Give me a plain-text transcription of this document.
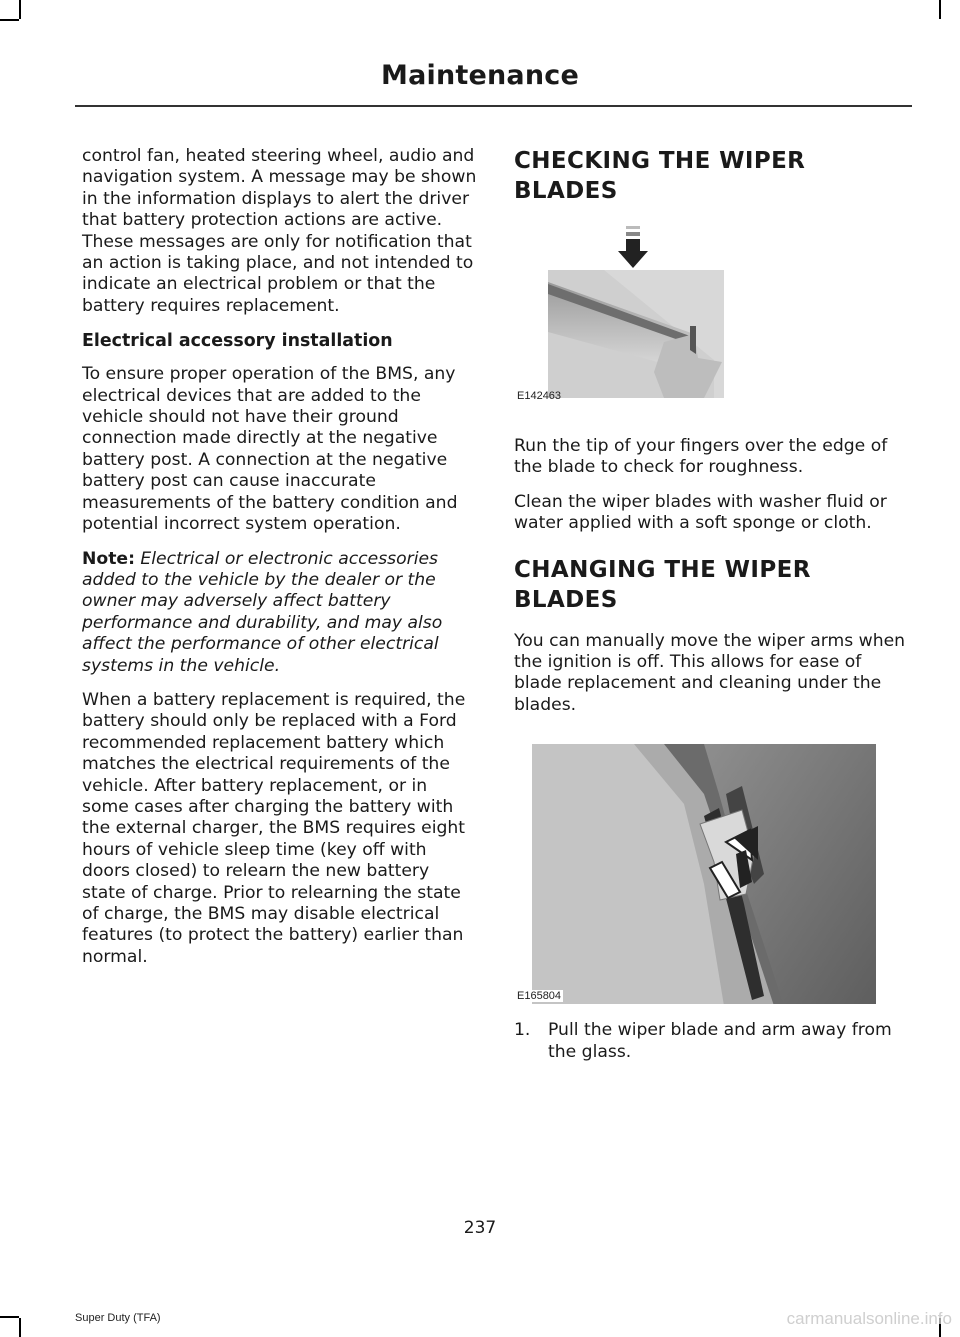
Maintenance

control fan, heated steering wheel, audio and navigation system. A message may be shown in the information displays to alert the driver that battery protection actions are active. These messages are only for notification that an action is taking place, and not intended to indicate an electrical problem or that the battery requires replacement.

Electrical accessory installation

To ensure proper operation of the BMS, any electrical devices that are added to the vehicle should not have their ground connection made directly at the negative battery post. A connection at the negative battery post can cause inaccurate measurements of the battery condition and potential incorrect system operation.

Note: Electrical or electronic accessories added to the vehicle by the dealer or the owner may adversely affect battery performance and durability, and may also affect the performance of other electrical systems in the vehicle.

When a battery replacement is required, the battery should only be replaced with a Ford recommended replacement battery which matches the electrical requirements of the vehicle. After battery replacement, or in some cases after charging the battery with the external charger, the BMS requires eight hours of vehicle sleep time (key off with doors closed) to relearn the new battery state of charge. Prior to relearning the state of charge, the BMS may disable electrical features (to protect the battery) earlier than normal.

CHECKING THE WIPER
BLADES
E142463

Run the tip of your fingers over the edge of the blade to check for roughness.

Clean the wiper blades with washer fluid or water applied with a soft sponge or cloth.

CHANGING THE WIPER
BLADES

You can manually move the wiper arms when the ignition is off. This allows for ease of blade replacement and cleaning under the blades.

E165804
1.	Pull the wiper blade and arm away from the glass.
237
Super Duty (TFA)	carmanualsonline.info
